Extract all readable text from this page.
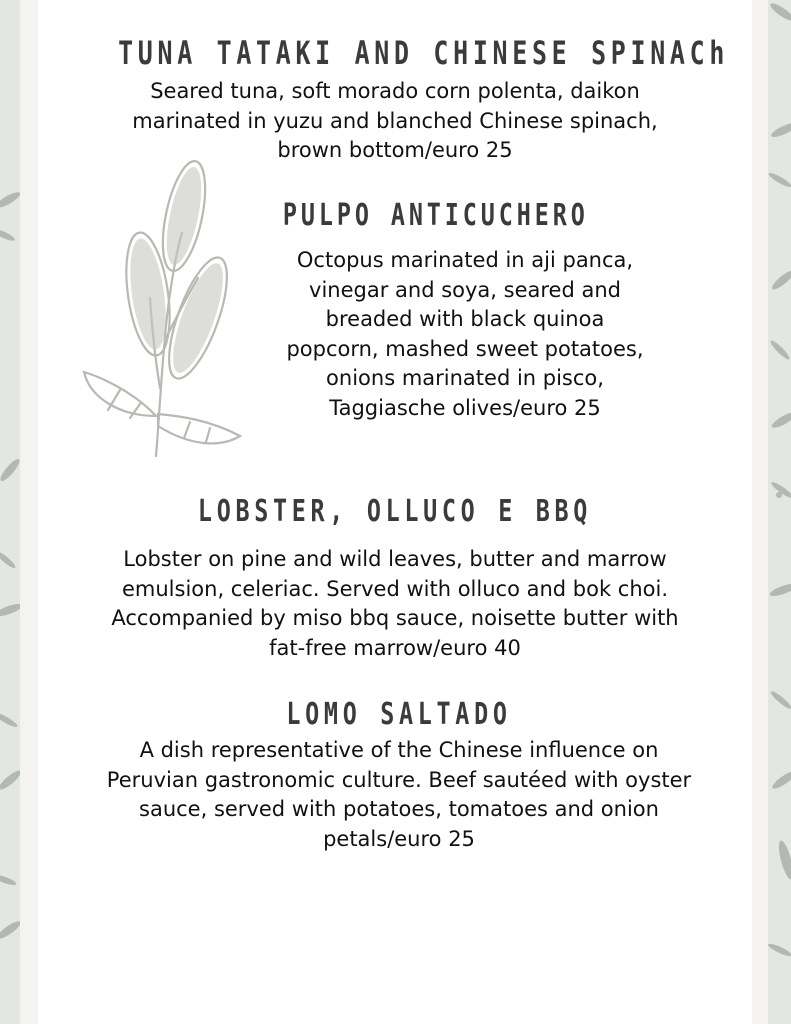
TUNA TATAKI AND CHINESE SPINACh

Seared tuna, soft morado corn polenta, daikon
marinated in yuzu and blanched Chinese spinach,
brown bottom/euro 25

PULPO ANTICUCHERO

Octopus marinated in aji panca,
vinegar and soya, seared and
breaded with black quinoa
popcorn, mashed sweet potatoes,
onions marinated in pisco,
Taggiasche olives/euro 25

LOBSTER, OLLUCO E BBQ

Lobster on pine and wild leaves, butter and marrow
emulsion, celeriac. Served with olluco and bok choi.
Accompanied by miso bbq sauce, noisette butter with
fat-free marrow/euro 40

LOMO SALTADO

A dish representative of the Chinese influence on
Peruvian gastronomic culture. Beef sautéed with oyster
sauce, served with potatoes, tomatoes and onion
petals/euro 25
